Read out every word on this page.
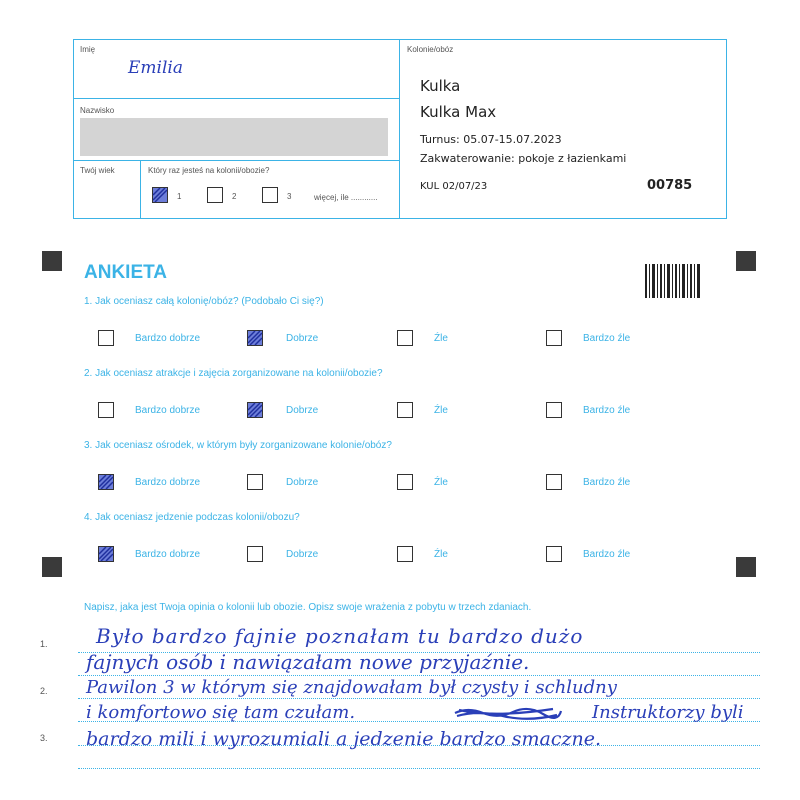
Imię
Emilia
Nazwisko
Twój wiek	Który raz jesteś na kolonii/obozie?
1	2	3	więcej, ile ............
Kolonie/obóz
Kulka
Kulka Max
Turnus: 05.07-15.07.2023
Zakwaterowanie: pokoje z łazienkami
KUL 02/07/23	00785
ANKIETA
1. Jak oceniasz całą kolonię/obóz? (Podobało Ci się?)
Bardzo dobrze	Dobrze	Źle	Bardzo źle
2. Jak oceniasz atrakcje i zajęcia zorganizowane na kolonii/obozie?
Bardzo dobrze	Dobrze	Źle	Bardzo źle
3. Jak oceniasz ośrodek, w którym były zorganizowane kolonie/obóz?
Bardzo dobrze	Dobrze	Źle	Bardzo źle
4. Jak oceniasz jedzenie podczas kolonii/obozu?
Bardzo dobrze	Dobrze	Źle	Bardzo źle
Napisz, jaka jest Twoja opinia o kolonii lub obozie. Opisz swoje wrażenia z pobytu w trzech zdaniach.
1.
2.
3.
Było bardzo fajnie poznałam tu bardzo dużo
fajnych osób i nawiązałam nowe przyjaźnie.
Pawilon 3 w którym się znajdowałam był czysty i schludny
i komfortowo się tam czułam.	Instruktorzy byli
bardzo mili i wyrozumiali a jedzenie bardzo smaczne.
